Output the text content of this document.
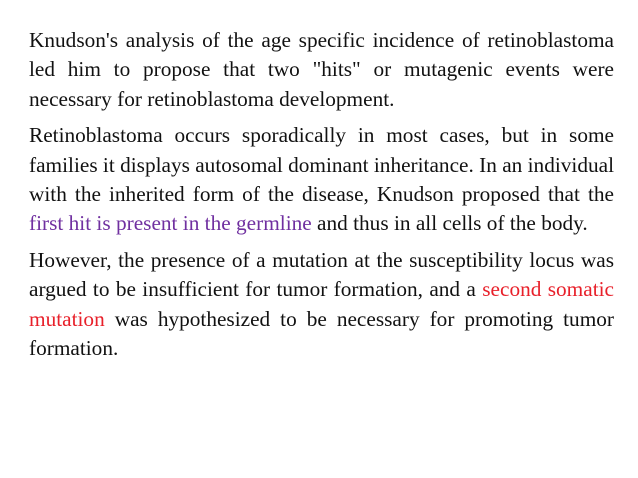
Knudson's analysis of the age specific incidence of retinoblastoma led him to propose that two "hits" or mutagenic events were necessary for retinoblastoma development.

Retinoblastoma occurs sporadically in most cases, but in some families it displays autosomal dominant inheritance. In an individual with the inherited form of the disease, Knudson proposed that the first hit is present in the germline and thus in all cells of the body.

However, the presence of a mutation at the susceptibility locus was argued to be insufficient for tumor formation, and a second somatic mutation was hypothesized to be necessary for promoting tumor formation.
